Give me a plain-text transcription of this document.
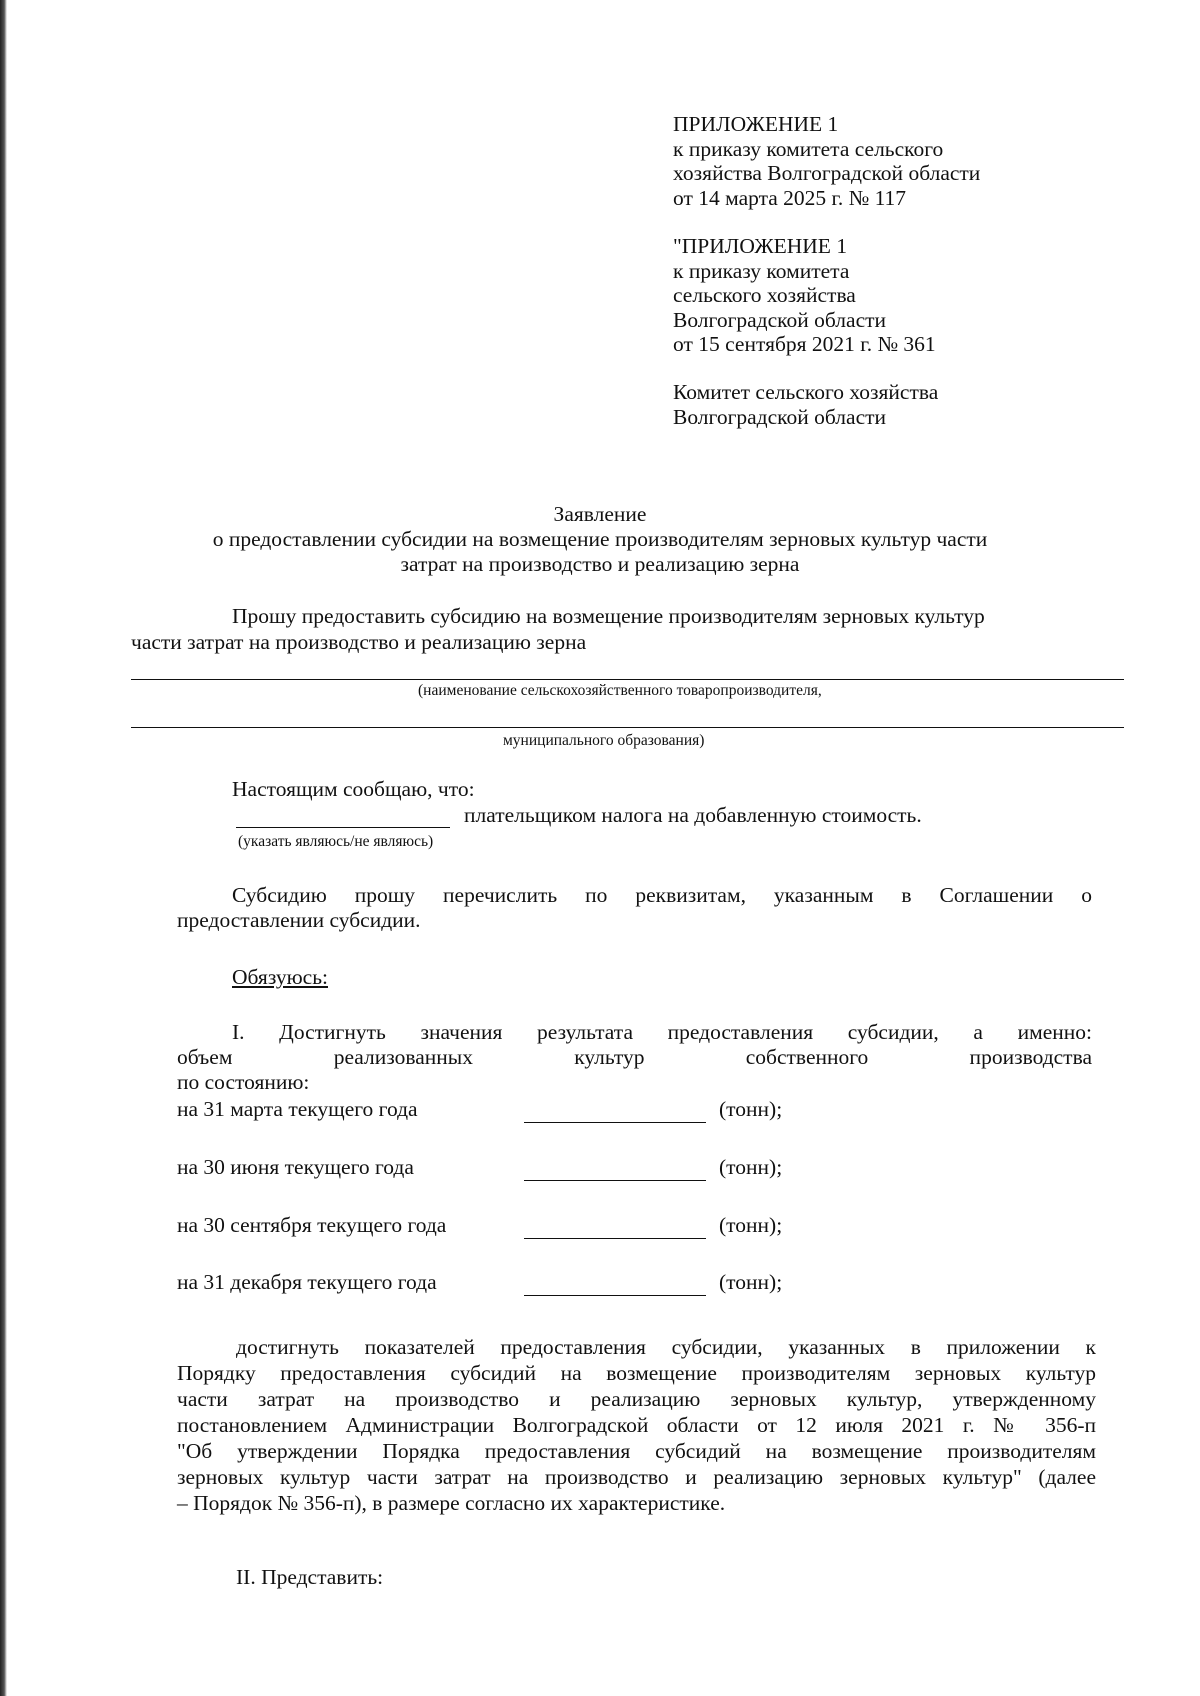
ПРИЛОЖЕНИЕ 1
к приказу комитета сельского
хозяйства Волгоградской области
от 14 марта 2025 г. № 117
"ПРИЛОЖЕНИЕ 1
к приказу комитета
сельского хозяйства
Волгоградской области
от 15 сентября 2021 г. № 361
Комитет сельского хозяйства
Волгоградской области
Заявление
о предоставлении субсидии на возмещение производителям зерновых культур части
затрат на производство и реализацию зерна
Прошу предоставить субсидию на возмещение производителям зерновых культур
части затрат на производство и реализацию зерна
(наименование сельскохозяйственного товаропроизводителя,
муниципального образования)
Настоящим сообщаю, что:
плательщиком налога на добавленную стоимость.
(указать являюсь/не являюсь)
Субсидию прошу перечислить по реквизитам, указанным в Соглашении о
предоставлении субсидии.
Обязуюсь:
I. Достигнуть значения результата предоставления субсидии, а именно:
объем реализованных культур собственного производства
по состоянию:
на 31 марта текущего года	(тонн);
на 30 июня текущего года	(тонн);
на 30 сентября текущего года	(тонн);
на 31 декабря текущего года	(тонн);
достигнуть показателей предоставления субсидии, указанных в приложении к
Порядку предоставления субсидий на возмещение производителям зерновых культур
части затрат на производство и реализацию зерновых культур, утвержденному
постановлением Администрации Волгоградской области от 12 июля 2021 г. № 356-п
"Об утверждении Порядка предоставления субсидий на возмещение производителям
зерновых культур части затрат на производство и реализацию зерновых культур" (далее
– Порядок № 356-п), в размере согласно их характеристике.
II. Представить:
